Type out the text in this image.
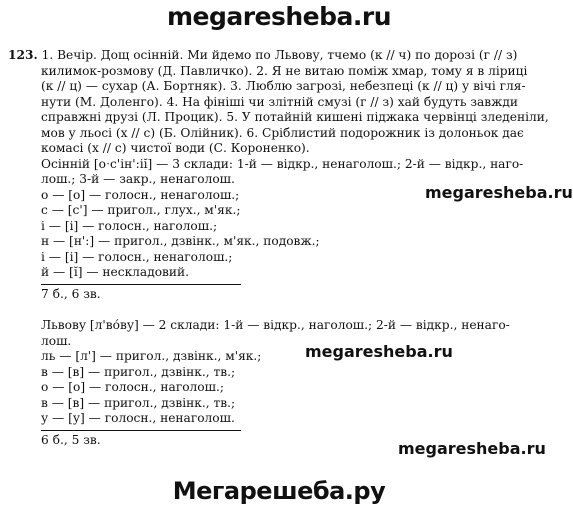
megaresheba.ru
123. 1. Вечір. Дощ осінній. Ми йдемо по Львову, тчемо (к // ч) по дорозі (г // з)
килимок-розмову (Д. Павличко). 2. Я не витаю поміж хмар, тому я в ліриці
(к // ц) — сухар (А. Бортняк). 3. Люблю загрозі, небезпеці (к // ц) у вічі гля-
нути (М. Доленго). 4. На фініші чи злітній смузі (г // з) хай будуть завжди
справжні друзі (Л. Процик). 5. У потайній кишені піджака червінці зледеніли,
мов у льосі (х // с) (Б. Олійник). 6. Сріблистий подорожник із долоньок дає
комасі (х // с) чистої води (С. Короненко).
Осінній [оˑс'ін':іĭ] — 3 склади: 1-й — відкр., ненаголош.; 2-й — відкр., наго-
лош.; 3-й — закр., ненаголош.
о — [о] — голосн., ненаголош.;
с — [с'] — пригол., глух., м'як.;
і — [і] — голосн., наголош.;
н — [н':] — пригол., дзвінк., м'як., подовж.;
і — [і] — голосн., ненаголош.;
й — [ĭ] — нескладовий.
7 б., 6 зв.
Львову [л'во́ву] — 2 склади: 1-й — відкр., наголош.; 2-й — відкр., ненаго-
лош.
ль — [л'] — пригол., дзвінк., м'як.;
в — [в] — пригол., дзвінк., тв.;
о — [о] — голосн., наголош.;
в — [в] — пригол., дзвінк., тв.;
у — [у] — голосн., ненаголош.
6 б., 5 зв.
megaresheba.ru
megaresheba.ru
megaresheba.ru
Мегарешеба.ру
